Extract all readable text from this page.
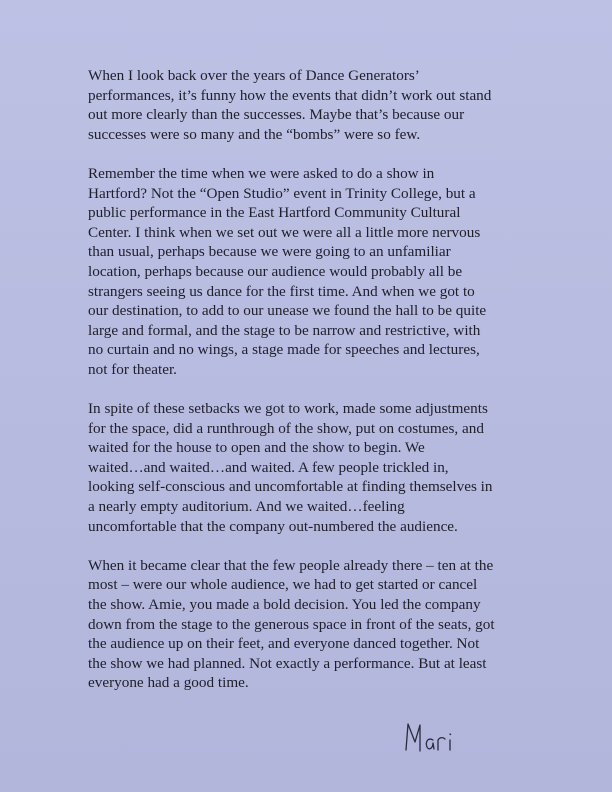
When I look back over the years of Dance Generators’
performances, it’s funny how the events that didn’t work out stand
out more clearly than the successes. Maybe that’s because our
successes were so many and the “bombs” were so few.

Remember the time when we were asked to do a show in
Hartford? Not the “Open Studio” event in Trinity College, but a
public performance in the East Hartford Community Cultural
Center. I think when we set out we were all a little more nervous
than usual, perhaps because we were going to an unfamiliar
location, perhaps because our audience would probably all be
strangers seeing us dance for the first time. And when we got to
our destination, to add to our unease we found the hall to be quite
large and formal, and the stage to be narrow and restrictive, with
no curtain and no wings, a stage made for speeches and lectures,
not for theater.

In spite of these setbacks we got to work, made some adjustments
for the space, did a runthrough of the show, put on costumes, and
waited for the house to open and the show to begin. We
waited…and waited…and waited. A few people trickled in,
looking self-conscious and uncomfortable at finding themselves in
a nearly empty auditorium. And we waited…feeling
uncomfortable that the company out-numbered the audience.

When it became clear that the few people already there – ten at the
most – were our whole audience, we had to get started or cancel
the show. Amie, you made a bold decision. You led the company
down from the stage to the generous space in front of the seats, got
the audience up on their feet, and everyone danced together. Not
the show we had planned. Not exactly a performance. But at least
everyone had a good time.
